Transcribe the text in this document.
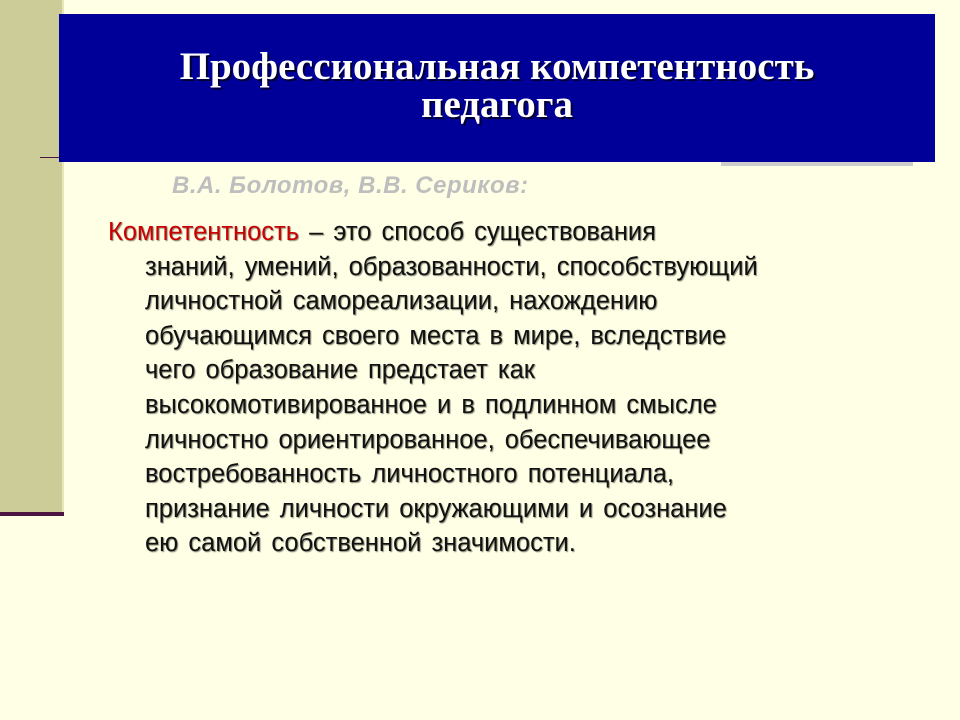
Профессиональная компетентность
педагога
В.А. Болотов, В.В. Сериков:
Компетентность – это способ существования
знаний, умений, образованности, способствующий
личностной самореализации, нахождению
обучающимся своего места в мире, вследствие
чего образование предстает как
высокомотивированное и в подлинном смысле
личностно ориентированное, обеспечивающее
востребованность личностного потенциала,
признание личности окружающими и осознание
ею самой собственной значимости.
